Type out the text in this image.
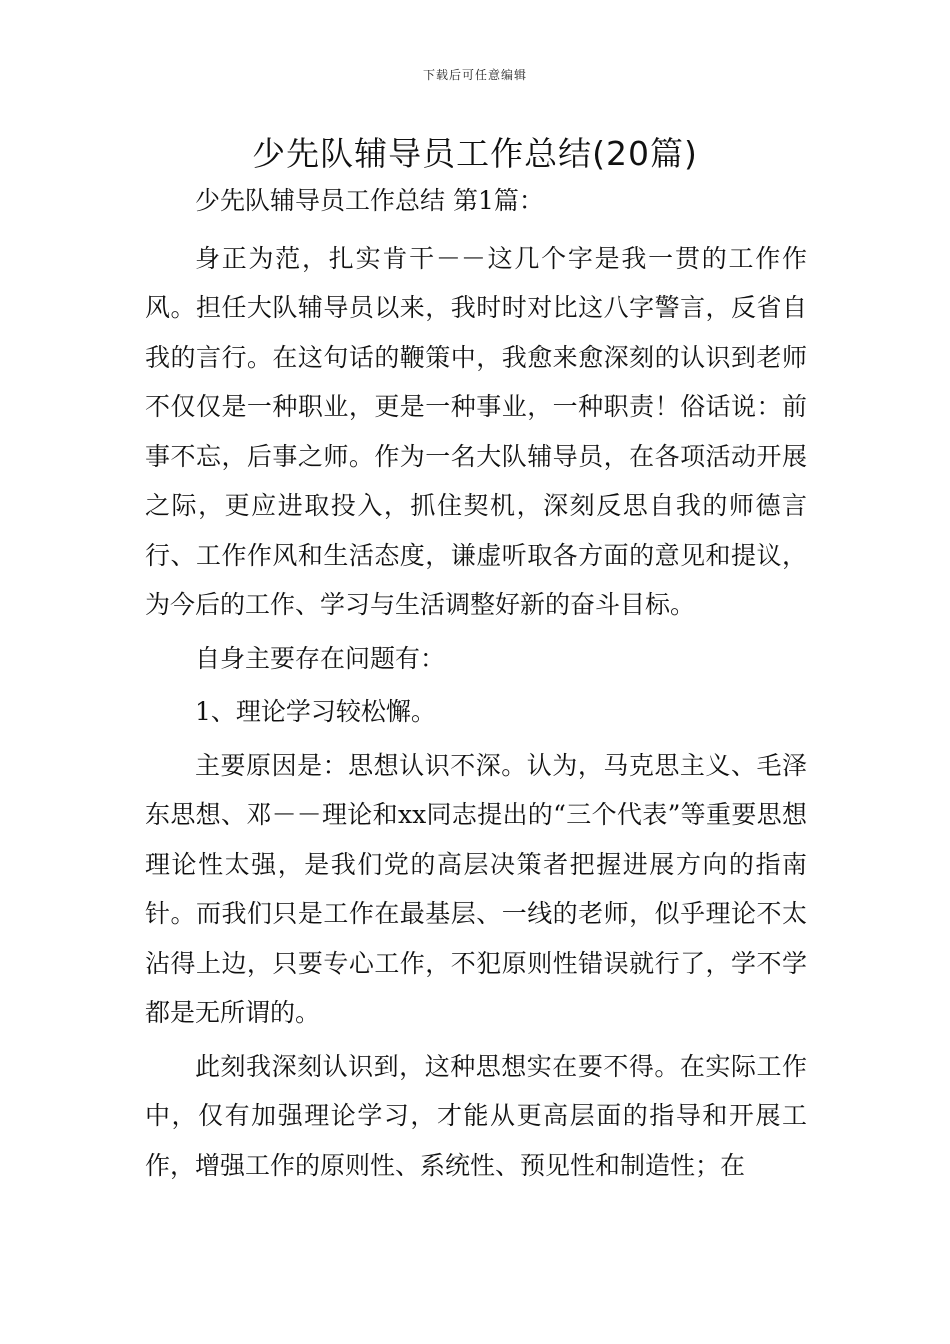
下载后可任意编辑
少先队辅导员工作总结(20篇)

少先队辅导员工作总结 第1篇：

身正为范，扎实肯干－－这几个字是我一贯的工作作风。担任大队辅导员以来，我时时对比这八字警言，反省自我的言行。在这句话的鞭策中，我愈来愈深刻的认识到老师不仅仅是一种职业，更是一种事业，一种职责！俗话说：前事不忘，后事之师。作为一名大队辅导员，在各项活动开展之际，更应进取投入，抓住契机，深刻反思自我的师德言行、工作作风和生活态度，谦虚听取各方面的意见和提议，为今后的工作、学习与生活调整好新的奋斗目标。

自身主要存在问题有：

1、理论学习较松懈。

主要原因是：思想认识不深。认为，马克思主义、毛泽东思想、邓－－理论和xx同志提出的“三个代表”等重要思想理论性太强，是我们党的高层决策者把握进展方向的指南针。而我们只是工作在最基层、一线的老师，似乎理论不太沾得上边，只要专心工作，不犯原则性错误就行了，学不学都是无所谓的。

此刻我深刻认识到，这种思想实在要不得。在实际工作中，仅有加强理论学习，才能从更高层面的指导和开展工作，增强工作的原则性、系统性、预见性和制造性；在
